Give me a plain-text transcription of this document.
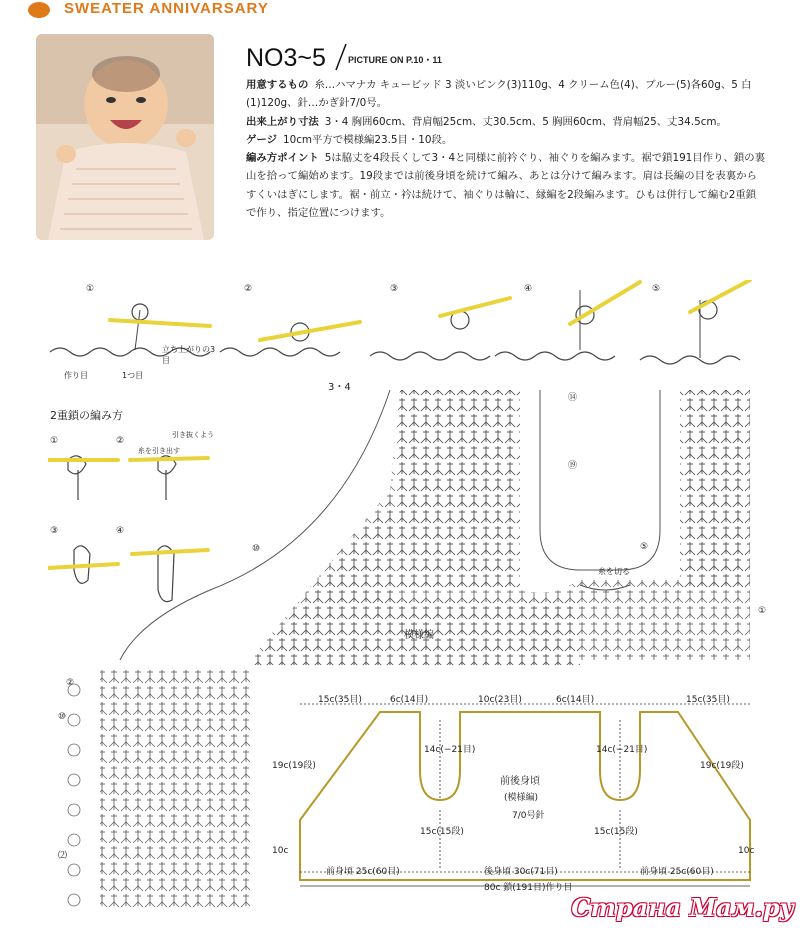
SWEATER ANNIVARSARY
NO3~5 PICTURE ON P.10・11

用意するもの 糸…ハマナカ キュービッド 3 淡いピンク(3)110g、4 クリーム色(4)、ブルー(5)各60g、5 白(1)120g、針…かぎ針7/0号。

出来上がり寸法 3・4 胸囲60cm、背肩幅25cm、丈30.5cm、5 胸囲60cm、背肩幅25、丈34.5cm。

ゲージ 10cm平方で模様編23.5目・10段。

編み方ポイント 5は脇丈を4段長くして3・4と同様に前衿ぐり、袖ぐりを編みます。裾で鎖191目作り、鎖の裏山を拾って編始めます。19段までは前後身頃を続けて編み、あとは分けて編みます。肩は長編の目を表裏からすくいはぎにします。裾・前立・衿は続けて、袖ぐりは輪に、縁編を2段編みます。ひもは併行して編む2重鎖で作り、指定位置につけます。

①	②	③	④	⑤
立ち上がりの3目
作り目	1つ目
2重鎖の編み方
①	②
③	④
引き抜くよう
糸を引き出す
3・4
模様編
⑭
⑲
⑤
①
②
⑩
⑵
⑩
糸を切る
15c(35目)	6c(14目)	10c(23目)	6c(14目)	15c(35目)
14c(−21目)	14c(−21目)
19c(19段)	19c(19段)
15c(15段)	15c(15段)
10c	10c
前身頃 25c(60目)	後身頃 30c(71目)	前身頃 25c(60目)
80c 鎖(191目)作り目
前後身頃
(模様編)
7/0号針
Страна Мам.ру
